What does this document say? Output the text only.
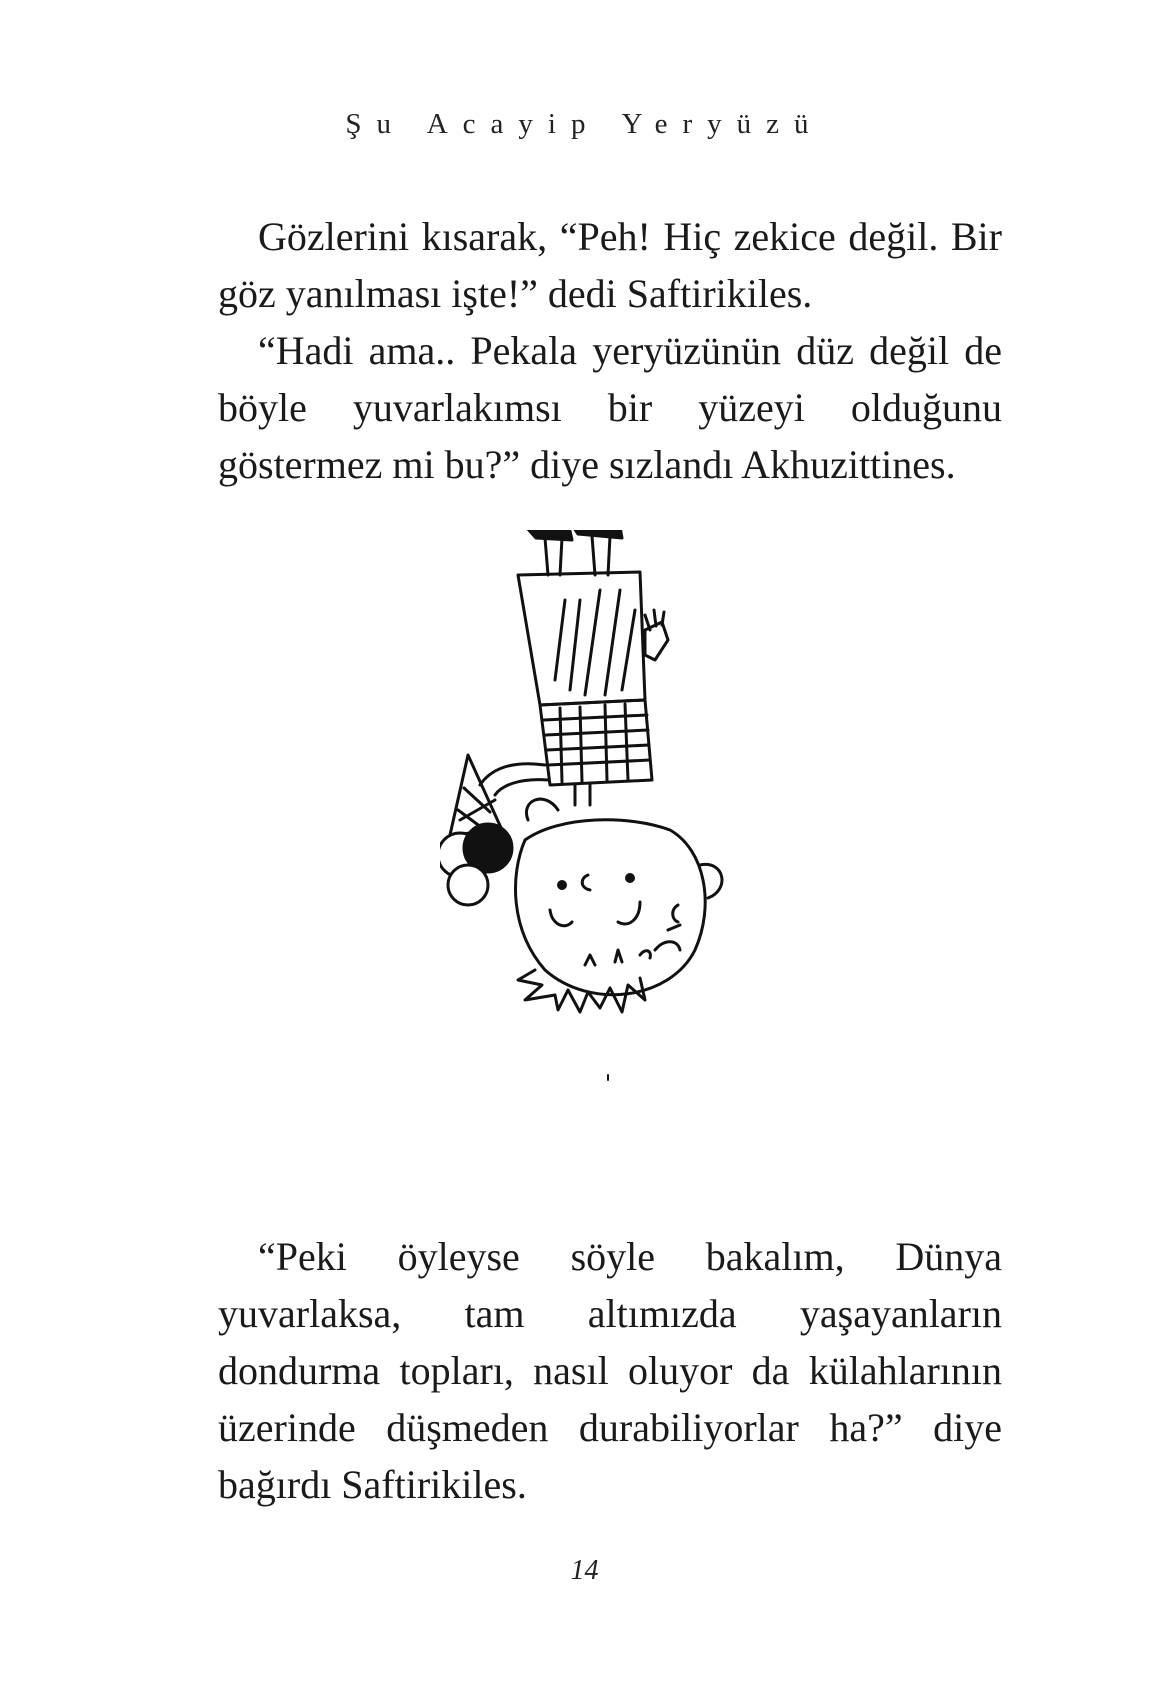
Şu Acayip Yeryüzü

Gözlerini kısarak, “Peh! Hiç zekice değil. Bir göz yanılması işte!” dedi Saftirikiles.

“Hadi ama.. Pekala yeryüzünün düz değil de böyle yuvarlakımsı bir yüzeyi olduğunu göstermez mi bu?” diye sızlandı Akhuzittines.

“Peki öyleyse söyle bakalım, Dünya yuvarlaksa, tam altımızda yaşayanların dondurma topları, nasıl oluyor da külahlarının üzerinde düşmeden durabiliyorlar ha?” diye bağırdı Saftirikiles.

14
